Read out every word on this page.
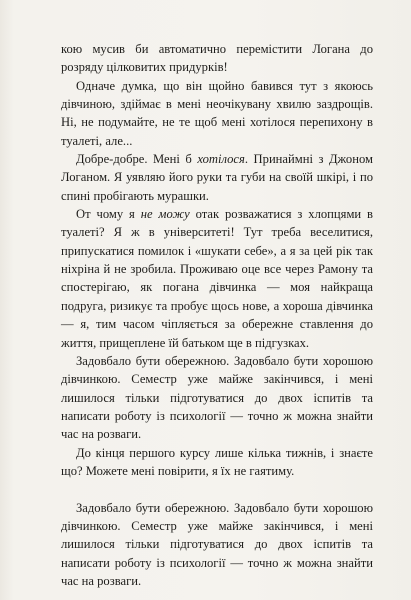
кою мусив би автоматично перемістити Логана до розряду цілковитих придурків!

Одначе думка, що він щойно бавився тут з якоюсь дівчиною, здіймає в мені неочікувану хвилю заздрощів. Ні, не подумайте, не те щоб мені хотілося перепихону в туалеті, але...

Добре-добре. Мені б хотілося. Принаймні з Джоном Логаном. Я уявляю його руки та губи на своїй шкірі, і по спині пробігають мурашки.

От чому я не можу отак розважатися з хлопцями в туалеті? Я ж в університеті! Тут треба веселитися, припускатися помилок і «шукати себе», а я за цей рік так ніхріна й не зробила. Проживаю оце все через Рамону та спостерігаю, як погана дівчинка — моя найкраща подруга, ризикує та пробує щось нове, а хороша дівчинка — я, тим часом чіпляється за обережне ставлення до життя, прищеплене їй батьком ще в підгузках.

Задовбало бути обережною. Задовбало бути хорошою дівчинкою. Семестр уже майже закінчився, і мені лишилося тільки підготуватися до двох іспитів та написати роботу із психології — точно ж можна знайти час на розваги.

До кінця першого курсу лише кілька тижнів, і знаєте що? Можете мені повірити, я їх не гаятиму.

Задовбало бути обережною. Задовбало бути хорошою дівчинкою. Семестр уже майже закінчився, і мені лишилося тільки підготуватися до двох іспитів та написати роботу із психології — точно ж можна знайти час на розваги.
